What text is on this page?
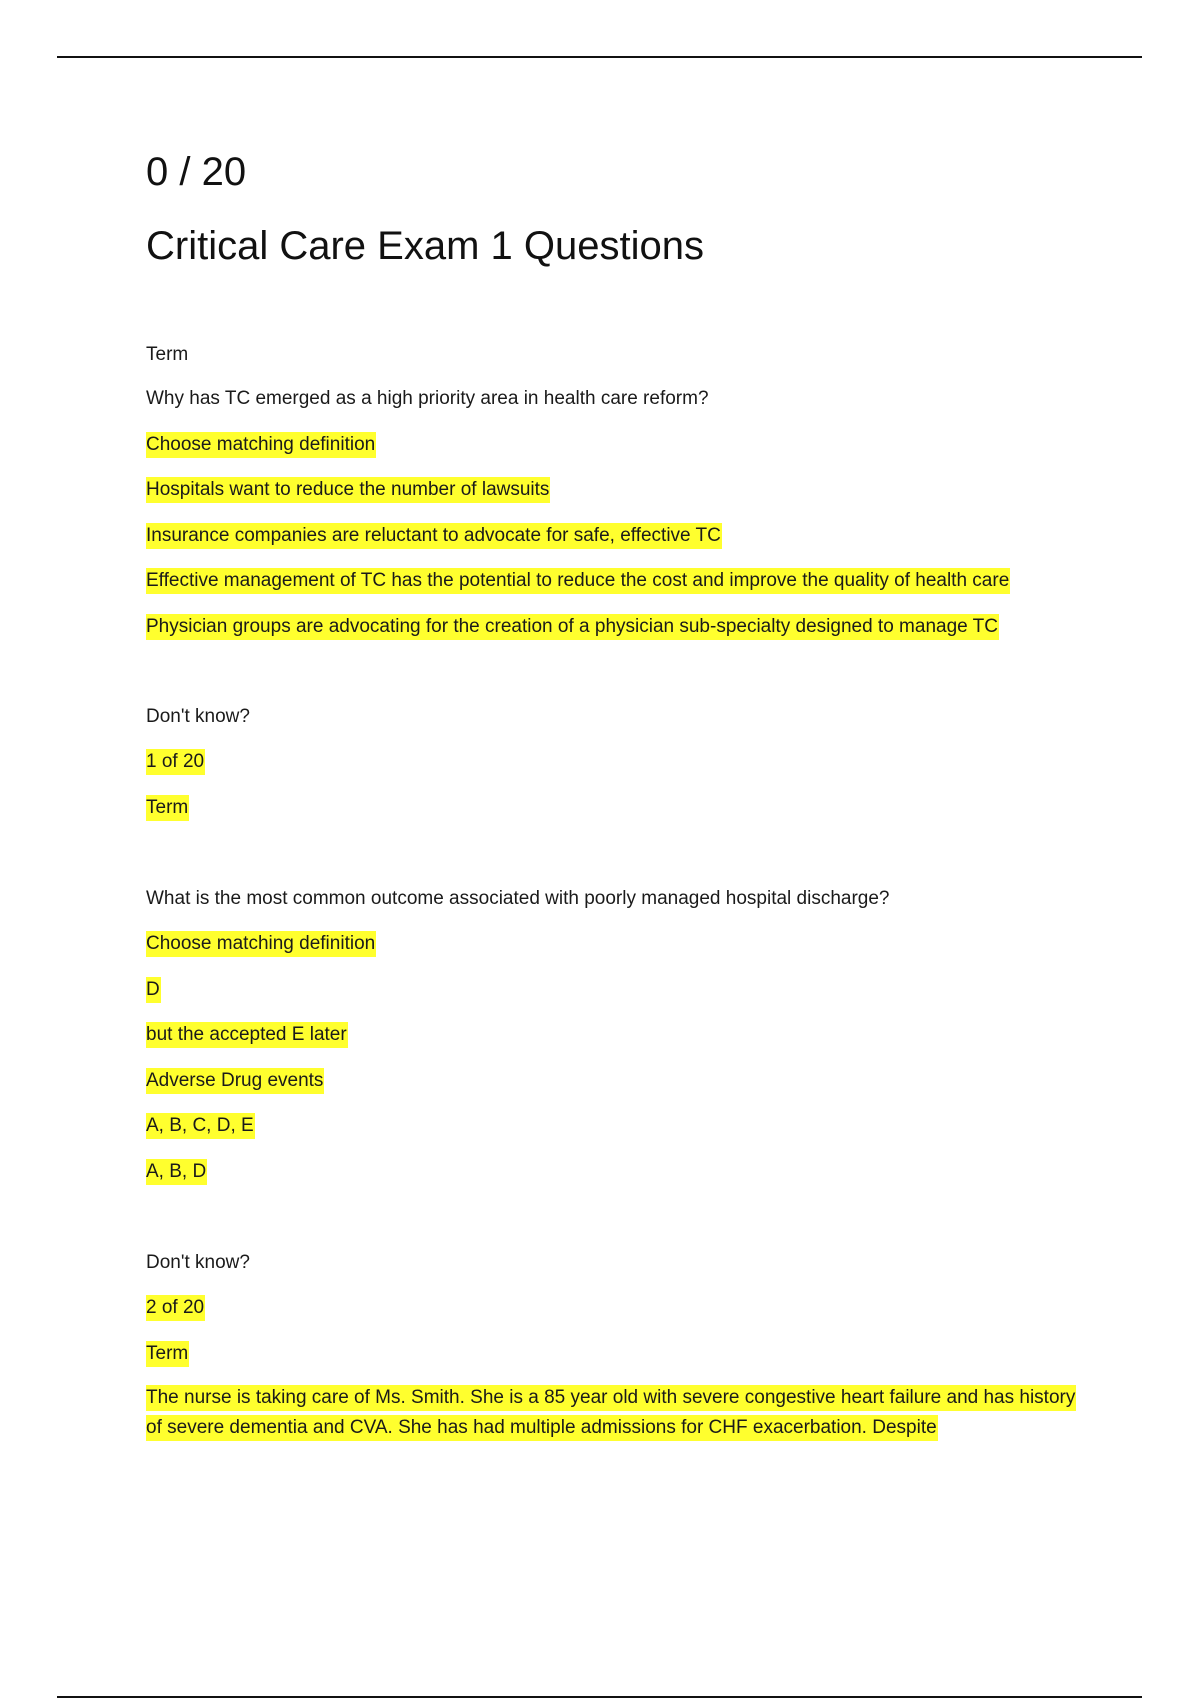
0 / 20
Critical Care Exam 1 Questions
Term
Why has TC emerged as a high priority area in health care reform?
Choose matching definition
Hospitals want to reduce the number of lawsuits
Insurance companies are reluctant to advocate for safe, effective TC
Effective management of TC has the potential to reduce the cost and improve the quality of health care
Physician groups are advocating for the creation of a physician sub-specialty designed to manage TC
Don't know?
1 of 20
Term
What is the most common outcome associated with poorly managed hospital discharge?
Choose matching definition
D
but the accepted E later
Adverse Drug events
A, B, C, D, E
A, B, D
Don't know?
2 of 20
Term
The nurse is taking care of Ms. Smith. She is a 85 year old with severe congestive heart failure and has history of severe dementia and CVA. She has had multiple admissions for CHF exacerbation. Despite
